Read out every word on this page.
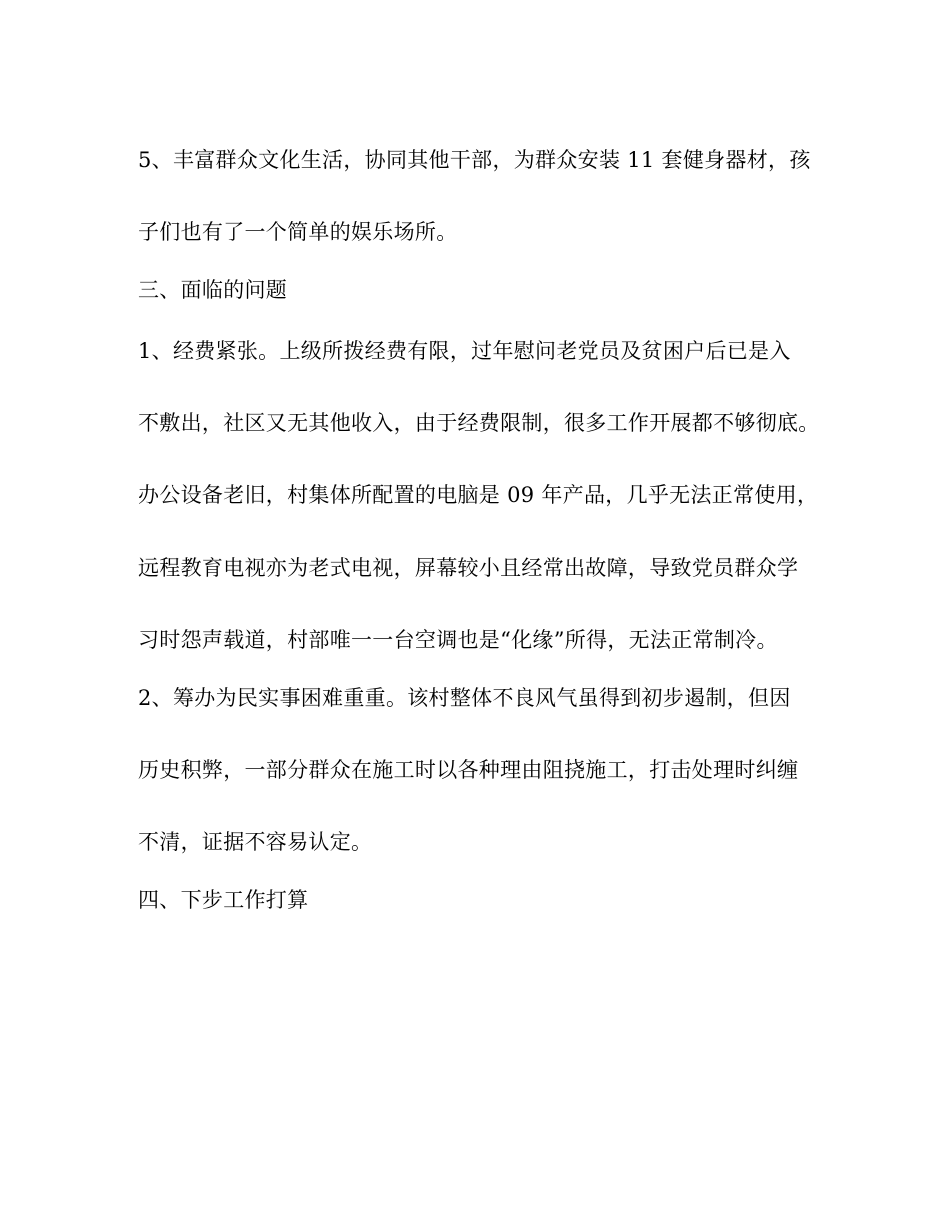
5、丰富群众文化生活，协同其他干部，为群众安装 11 套健身器材，孩
子们也有了一个简单的娱乐场所。
三、面临的问题
1、经费紧张。上级所拨经费有限，过年慰问老党员及贫困户后已是入
不敷出，社区又无其他收入，由于经费限制，很多工作开展都不够彻底。
办公设备老旧，村集体所配置的电脑是 09 年产品，几乎无法正常使用，
远程教育电视亦为老式电视，屏幕较小且经常出故障，导致党员群众学
习时怨声载道，村部唯一一台空调也是“化缘”所得，无法正常制冷。
2、筹办为民实事困难重重。该村整体不良风气虽得到初步遏制，但因
历史积弊，一部分群众在施工时以各种理由阻挠施工，打击处理时纠缠
不清，证据不容易认定。
四、下步工作打算
